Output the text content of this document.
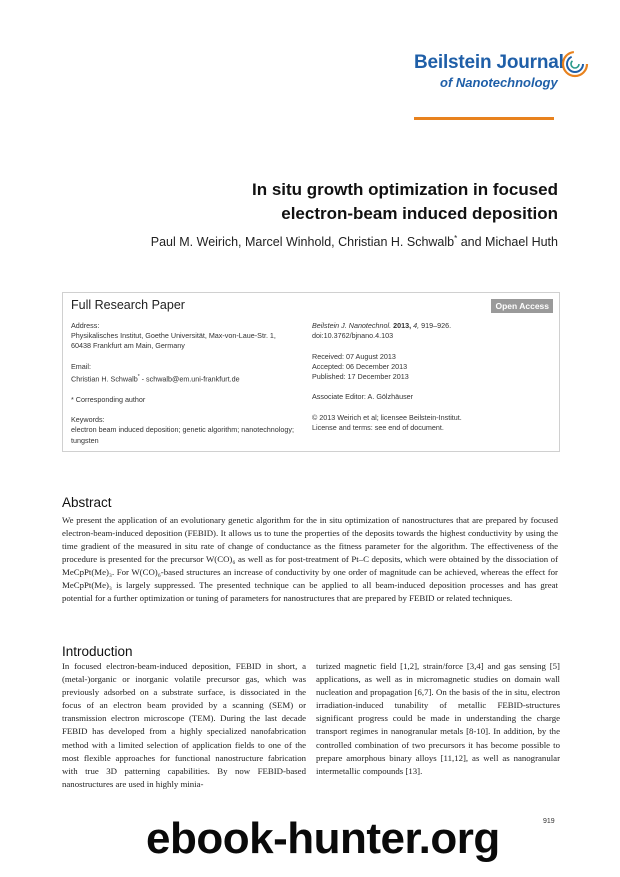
Beilstein Journal
of Nanotechnology
In situ growth optimization in focused
electron-beam induced deposition
Paul M. Weirich, Marcel Winhold, Christian H. Schwalb* and Michael Huth
Full Research Paper	Open Access
Address:
Physikalisches Institut, Goethe Universität, Max-von-Laue-Str. 1,
60438 Frankfurt am Main, Germany
Email:
Christian H. Schwalb* - schwalb@em.uni-frankfurt.de
* Corresponding author
Keywords:
electron beam induced deposition; genetic algorithm; nanotechnology;
tungsten
Beilstein J. Nanotechnol. 2013, 4, 919–926.
doi:10.3762/bjnano.4.103
Received: 07 August 2013
Accepted: 06 December 2013
Published: 17 December 2013
Associate Editor: A. Gölzhäuser
© 2013 Weirich et al; licensee Beilstein-Institut.
License and terms: see end of document.
Abstract
We present the application of an evolutionary genetic algorithm for the in situ optimization of nanostructures that are prepared by focused electron-beam-induced deposition (FEBID). It allows us to tune the properties of the deposits towards the highest conductivity by using the time gradient of the measured in situ rate of change of conductance as the fitness parameter for the algorithm. The effectiveness of the procedure is presented for the precursor W(CO)₆ as well as for post-treatment of Pt–C deposits, which were obtained by the dissociation of MeCpPt(Me)₃. For W(CO)₆-based structures an increase of conductivity by one order of magnitude can be achieved, whereas the effect for MeCpPt(Me)₃ is largely suppressed. The presented technique can be applied to all beam-induced deposition processes and has great potential for a further optimization or tuning of parameters for nanostructures that are prepared by FEBID or related techniques.
Introduction
In focused electron-beam-induced deposition, FEBID in short, a (metal-)organic or inorganic volatile precursor gas, which was previously adsorbed on a substrate surface, is dissociated in the focus of an electron beam provided by a scanning (SEM) or transmission electron microscope (TEM). During the last decade FEBID has developed from a highly specialized nanofabrication method with a limited selection of application fields to one of the most flexible approaches for functional nanostructure fabrication with true 3D patterning capabilities. By now FEBID-based nanostructures are used in highly minia-
turized magnetic field [1,2], strain/force [3,4] and gas sensing [5] applications, as well as in micromagnetic studies on domain wall nucleation and propagation [6,7]. On the basis of the in situ, electron irradiation-induced tunability of metallic FEBID-structures significant progress could be made in understanding the charge transport regimes in nanogranular metals [8-10]. In addition, by the controlled combination of two precursors it has become possible to prepare amorphous binary alloys [11,12], as well as nanogranular intermetallic compounds [13].
919
ebook-hunter.org
